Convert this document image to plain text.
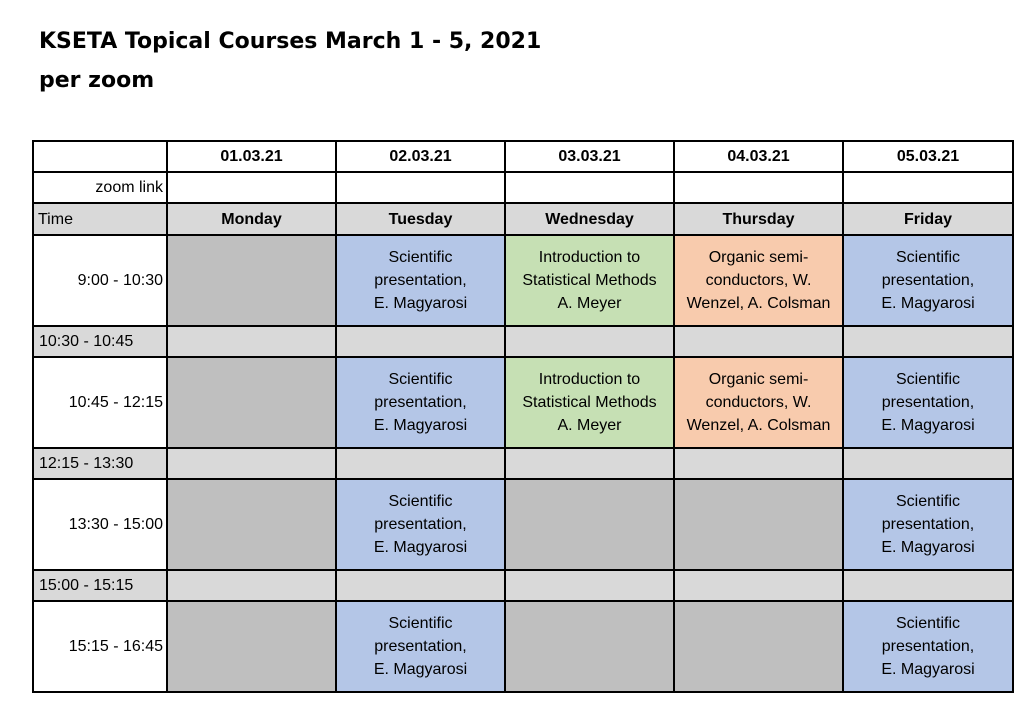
KSETA Topical Courses March 1 - 5, 2021
per zoom
	01.03.21	02.03.21	03.03.21	04.03.21	05.03.21
zoom link					
Time	Monday	Tuesday	Wednesday	Thursday	Friday
9:00 - 10:30		Scientific
presentation,
E. Magyarosi	Introduction to
Statistical Methods
A. Meyer	Organic semi-
conductors, W.
Wenzel, A. Colsman	Scientific
presentation,
E. Magyarosi

10:30 - 10:45					
10:45 - 12:15		Scientific
presentation,
E. Magyarosi	Introduction to
Statistical Methods
A. Meyer	Organic semi-
conductors, W.
Wenzel, A. Colsman	Scientific
presentation,
E. Magyarosi

12:15 - 13:30					
13:30 - 15:00		Scientific
presentation,
E. Magyarosi			Scientific
presentation,
E. Magyarosi

15:00 - 15:15					
15:15 - 16:45		Scientific
presentation,
E. Magyarosi			Scientific
presentation,
E. Magyarosi
